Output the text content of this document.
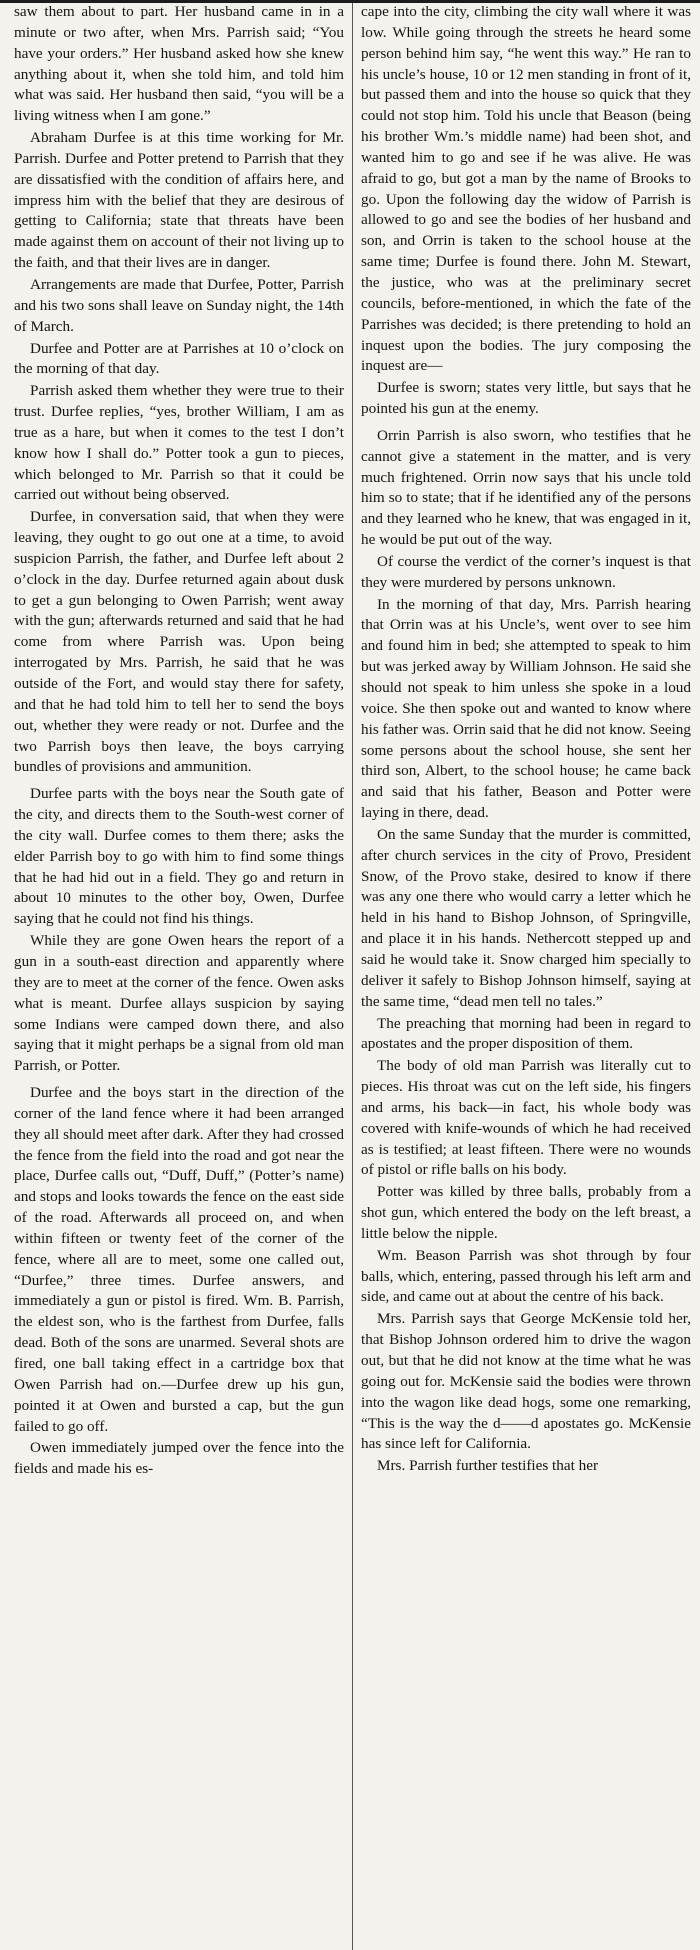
saw them about to part. Her husband came in in a minute or two after, when Mrs. Parrish said; “You have your orders.” Her husband asked how she knew anything about it, when she told him, and told him what was said. Her husband then said, “you will be a living witness when I am gone.”

Abraham Durfee is at this time working for Mr. Parrish. Durfee and Potter pretend to Parrish that they are dissatisfied with the condition of affairs here, and impress him with the belief that they are desirous of getting to California; state that threats have been made against them on account of their not living up to the faith, and that their lives are in danger.

Arrangements are made that Durfee, Potter, Parrish and his two sons shall leave on Sunday night, the 14th of March.

Durfee and Potter are at Parrishes at 10 o’clock on the morning of that day.

Parrish asked them whether they were true to their trust. Durfee replies, “yes, brother William, I am as true as a hare, but when it comes to the test I don’t know how I shall do.” Potter took a gun to pieces, which belonged to Mr. Parrish so that it could be carried out without being observed.

Durfee, in conversation said, that when they were leaving, they ought to go out one at a time, to avoid suspicion Parrish, the father, and Durfee left about 2 o’clock in the day. Durfee returned again about dusk to get a gun belonging to Owen Parrish; went away with the gun; afterwards returned and said that he had come from where Parrish was. Upon being interrogated by Mrs. Parrish, he said that he was outside of the Fort, and would stay there for safety, and that he had told him to tell her to send the boys out, whether they were ready or not. Durfee and the two Parrish boys then leave, the boys carrying bundles of provisions and ammunition.

Durfee parts with the boys near the South gate of the city, and directs them to the South-west corner of the city wall. Durfee comes to them there; asks the elder Parrish boy to go with him to find some things that he had hid out in a field. They go and return in about 10 minutes to the other boy, Owen, Durfee saying that he could not find his things.

While they are gone Owen hears the report of a gun in a south-east direction and apparently where they are to meet at the corner of the fence. Owen asks what is meant. Durfee allays suspicion by saying some Indians were camped down there, and also saying that it might perhaps be a signal from old man Parrish, or Potter.

Durfee and the boys start in the direction of the corner of the land fence where it had been arranged they all should meet after dark. After they had crossed the fence from the field into the road and got near the place, Durfee calls out, “Duff, Duff,” (Potter’s name) and stops and looks towards the fence on the east side of the road. Afterwards all proceed on, and when within fifteen or twenty feet of the corner of the fence, where all are to meet, some one called out, “Durfee,” three times. Durfee answers, and immediately a gun or pistol is fired. Wm. B. Parrish, the eldest son, who is the farthest from Durfee, falls dead. Both of the sons are unarmed. Several shots are fired, one ball taking effect in a cartridge box that Owen Parrish had on.—Durfee drew up his gun, pointed it at Owen and bursted a cap, but the gun failed to go off.

Owen immediately jumped over the fence into the fields and made his es-

cape into the city, climbing the city wall where it was low. While going through the streets he heard some person behind him say, “he went this way.” He ran to his uncle’s house, 10 or 12 men standing in front of it, but passed them and into the house so quick that they could not stop him. Told his uncle that Beason (being his brother Wm.’s middle name) had been shot, and wanted him to go and see if he was alive. He was afraid to go, but got a man by the name of Brooks to go. Upon the following day the widow of Parrish is allowed to go and see the bodies of her husband and son, and Orrin is taken to the school house at the same time; Durfee is found there. John M. Stewart, the justice, who was at the preliminary secret councils, before-mentioned, in which the fate of the Parrishes was decided; is there pretending to hold an inquest upon the bodies. The jury composing the inquest are—

Durfee is sworn; states very little, but says that he pointed his gun at the enemy.

Orrin Parrish is also sworn, who testifies that he cannot give a statement in the matter, and is very much frightened. Orrin now says that his uncle told him so to state; that if he identified any of the persons and they learned who he knew, that was engaged in it, he would be put out of the way.

Of course the verdict of the corner’s inquest is that they were murdered by persons unknown.

In the morning of that day, Mrs. Parrish hearing that Orrin was at his Uncle’s, went over to see him and found him in bed; she attempted to speak to him but was jerked away by William Johnson. He said she should not speak to him unless she spoke in a loud voice. She then spoke out and wanted to know where his father was. Orrin said that he did not know. Seeing some persons about the school house, she sent her third son, Albert, to the school house; he came back and said that his father, Beason and Potter were laying in there, dead.

On the same Sunday that the murder is committed, after church services in the city of Provo, President Snow, of the Provo stake, desired to know if there was any one there who would carry a letter which he held in his hand to Bishop Johnson, of Springville, and place it in his hands. Nethercott stepped up and said he would take it. Snow charged him specially to deliver it safely to Bishop Johnson himself, saying at the same time, “dead men tell no tales.”

The preaching that morning had been in regard to apostates and the proper disposition of them.

The body of old man Parrish was literally cut to pieces. His throat was cut on the left side, his fingers and arms, his back—in fact, his whole body was covered with knife-wounds of which he had received as is testified; at least fifteen. There were no wounds of pistol or rifle balls on his body.

Potter was killed by three balls, probably from a shot gun, which entered the body on the left breast, a little below the nipple.

Wm. Beason Parrish was shot through by four balls, which, entering, passed through his left arm and side, and came out at about the centre of his back.

Mrs. Parrish says that George McKensie told her, that Bishop Johnson ordered him to drive the wagon out, but that he did not know at the time what he was going out for. McKensie said the bodies were thrown into the wagon like dead hogs, some one remarking, “This is the way the d——d apostates go. McKensie has since left for California.

Mrs. Parrish further testifies that her
